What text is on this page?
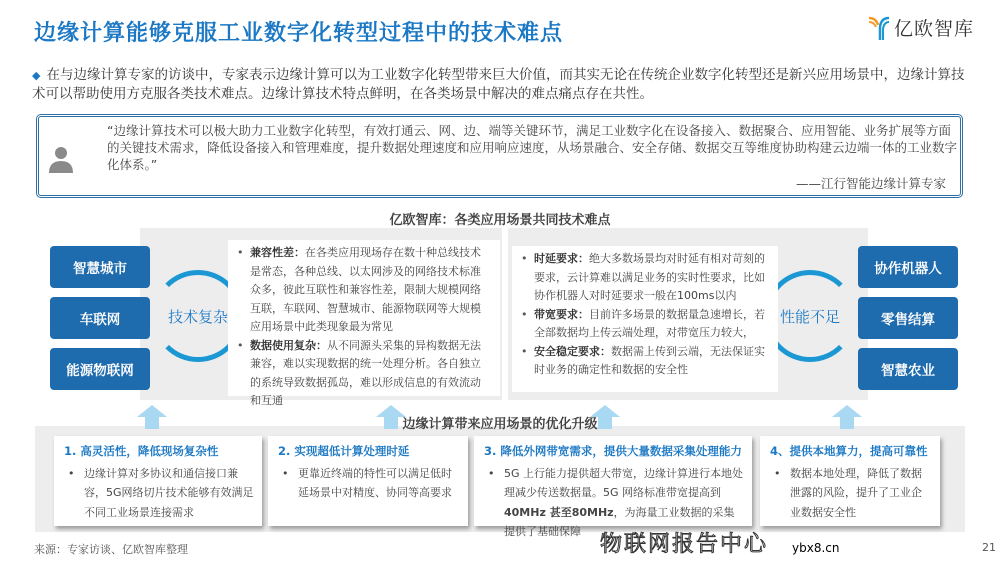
边缘计算能够克服工业数字化转型过程中的技术难点	亿欧智库
◆ 在与边缘计算专家的访谈中，专家表示边缘计算可以为工业数字化转型带来巨大价值，而其实无论在传统企业数字化转型还是新兴应用场景中，边缘计算技术可以帮助使用方克服各类技术难点。边缘计算技术特点鲜明，在各类场景中解决的难点痛点存在共性。
“边缘计算技术可以极大助力工业数字化转型，有效打通云、网、边、端等关键环节，满足工业数字化在设备接入、数据聚合、应用智能、业务扩展等方面的关键技术需求，降低设备接入和管理难度，提升数据处理速度和应用响应速度，从场景融合、安全存储、数据交互等维度协助构建云边端一体的工业数字化体系。”
——江行智能边缘计算专家
亿欧智库：各类应用场景共同技术难点
智慧城市
车联网
能源物联网
协作机器人
零售结算
智慧农业
技术复杂	性能不足
• 兼容性差：在各类应用现场存在数十种总线技术是常态，各种总线、以太网涉及的网络技术标准众多，彼此互联性和兼容性差，限制大规模网络互联，车联网、智慧城市、能源物联网等大规模应用场景中此类现象最为常见
• 数据使用复杂：从不同源头采集的异构数据无法兼容，难以实现数据的统一处理分析。各自独立的系统导致数据孤岛，难以形成信息的有效流动和互通
• 时延要求：绝大多数场景均对时延有相对苛刻的要求，云计算难以满足业务的实时性要求，比如协作机器人对时延要求一般在100ms以内
• 带宽要求：目前许多场景的数据量急速增长，若全部数据均上传云端处理，对带宽压力较大，
• 安全稳定要求：数据需上传到云端，无法保证实时业务的确定性和数据的安全性
边缘计算带来应用场景的优化升级
1. 高灵活性，降低现场复杂性
• 边缘计算对多协议和通信接口兼容，5G网络切片技术能够有效满足不同工业场景连接需求
2. 实现超低计算处理时延
• 更靠近终端的特性可以满足低时延场景中对精度、协同等高要求
3. 降低外网带宽需求，提供大量数据采集处理能力
• 5G 上行能力提供超大带宽，边缘计算进行本地处理减少传送数据量。5G 网络标准带宽提高到40MHz 甚至80MHz，为海量工业数据的采集提供了基础保障
4、提供本地算力，提高可靠性
• 数据本地处理，降低了数据泄露的风险，提升了工业企业数据安全性
物联网报告中心 ybx8.cn
来源：专家访谈、亿欧智库整理	21
